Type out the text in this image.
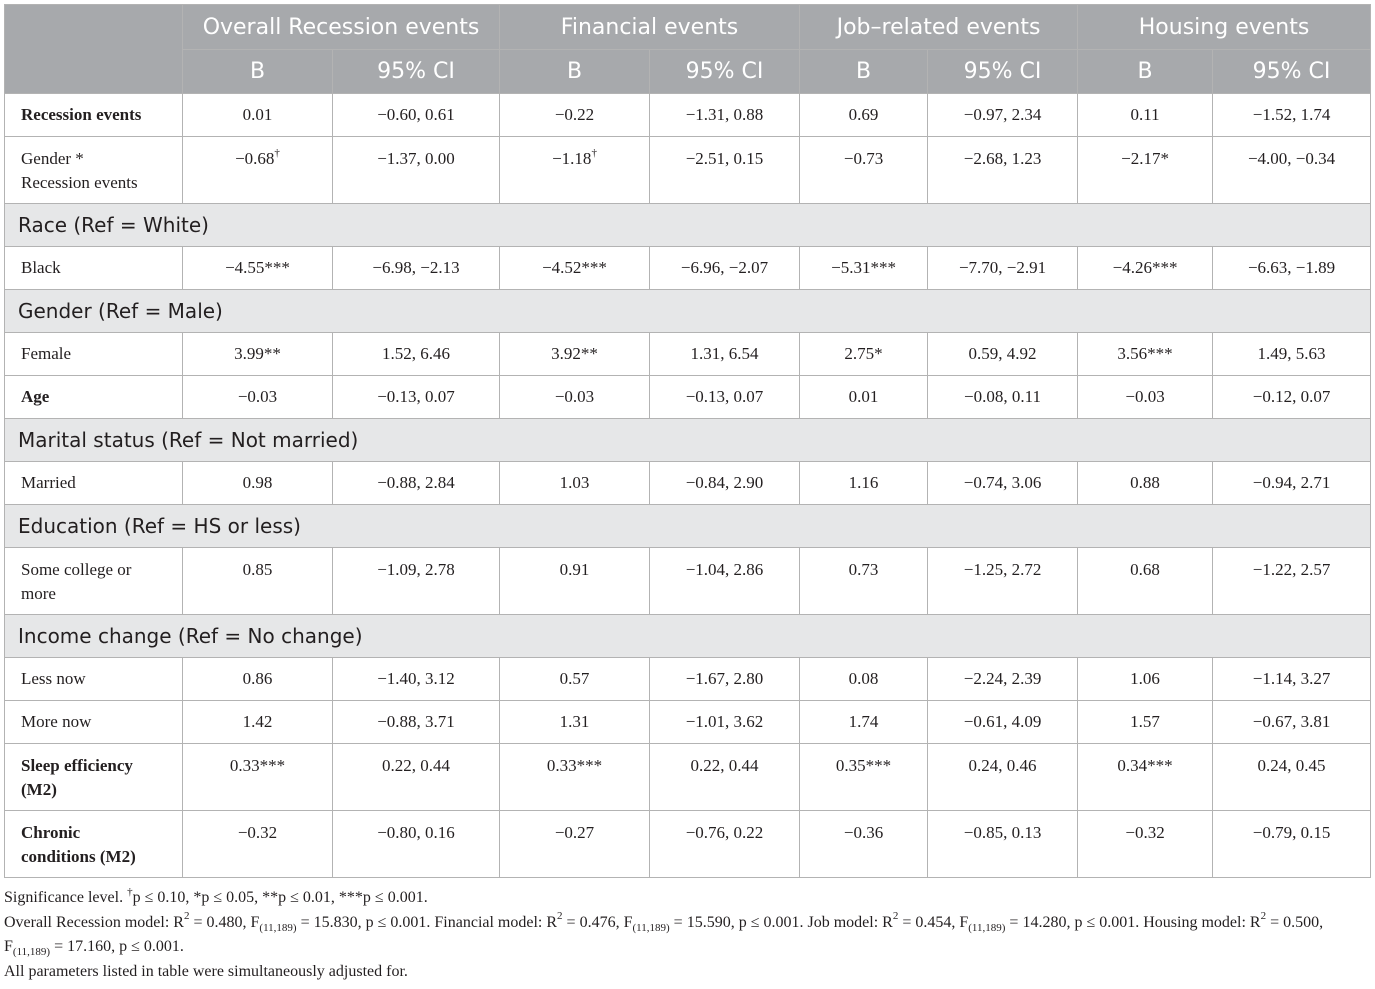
	Overall Recession events		Financial events		Job–related events		Housing events	
	B	95% CI	B	95% CI	B	95% CI	B	95% CI

Recession events	0.01	−0.60, 0.61	−0.22	−1.31, 0.88	0.69	−0.97, 2.34	0.11	−1.52, 1.74

Gender *
Recession events	−0.68†	−1.37, 0.00	−1.18†	−2.51, 0.15	−0.73	−2.68, 1.23	−2.17*	−4.00, −0.34

Race (Ref = White)								

Black	−4.55***	−6.98, −2.13	−4.52***	−6.96, −2.07	−5.31***	−7.70, −2.91	−4.26***	−6.63, −1.89

Gender (Ref = Male)								

Female	3.99**	1.52, 6.46	3.92**	1.31, 6.54	2.75*	0.59, 4.92	3.56***	1.49, 5.63

Age	−0.03	−0.13, 0.07	−0.03	−0.13, 0.07	0.01	−0.08, 0.11	−0.03	−0.12, 0.07

Marital status (Ref = Not married)								

Married	0.98	−0.88, 2.84	1.03	−0.84, 2.90	1.16	−0.74, 3.06	0.88	−0.94, 2.71

Education (Ref = HS or less)								

Some college or
more	0.85	−1.09, 2.78	0.91	−1.04, 2.86	0.73	−1.25, 2.72	0.68	−1.22, 2.57

Income change (Ref = No change)								

Less now	0.86	−1.40, 3.12	0.57	−1.67, 2.80	0.08	−2.24, 2.39	1.06	−1.14, 3.27

More now	1.42	−0.88, 3.71	1.31	−1.01, 3.62	1.74	−0.61, 4.09	1.57	−0.67, 3.81

Sleep efficiency
(M2)	0.33***	0.22, 0.44	0.33***	0.22, 0.44	0.35***	0.24, 0.46	0.34***	0.24, 0.45

Chronic
conditions (M2)	−0.32	−0.80, 0.16	−0.27	−0.76, 0.22	−0.36	−0.85, 0.13	−0.32	−0.79, 0.15

Significance level. †p ≤ 0.10, *p ≤ 0.05, **p ≤ 0.01, ***p ≤ 0.001.

Overall Recession model: $R^2 = 0.480$, $F_{(11,189)} = 15.830$, p ≤ 0.001. Financial model: $R^2 = 0.476$, $F_{(11,189)} = 15.590$, p ≤ 0.001. Job model: $R^2 = 0.454$, $F_{(11,189)} = 14.280$, p ≤ 0.001. Housing model: $R^2 = 0.500$, $F_{(11,189)} = 17.160$, p ≤ 0.001.

All parameters listed in table were simultaneously adjusted for.
